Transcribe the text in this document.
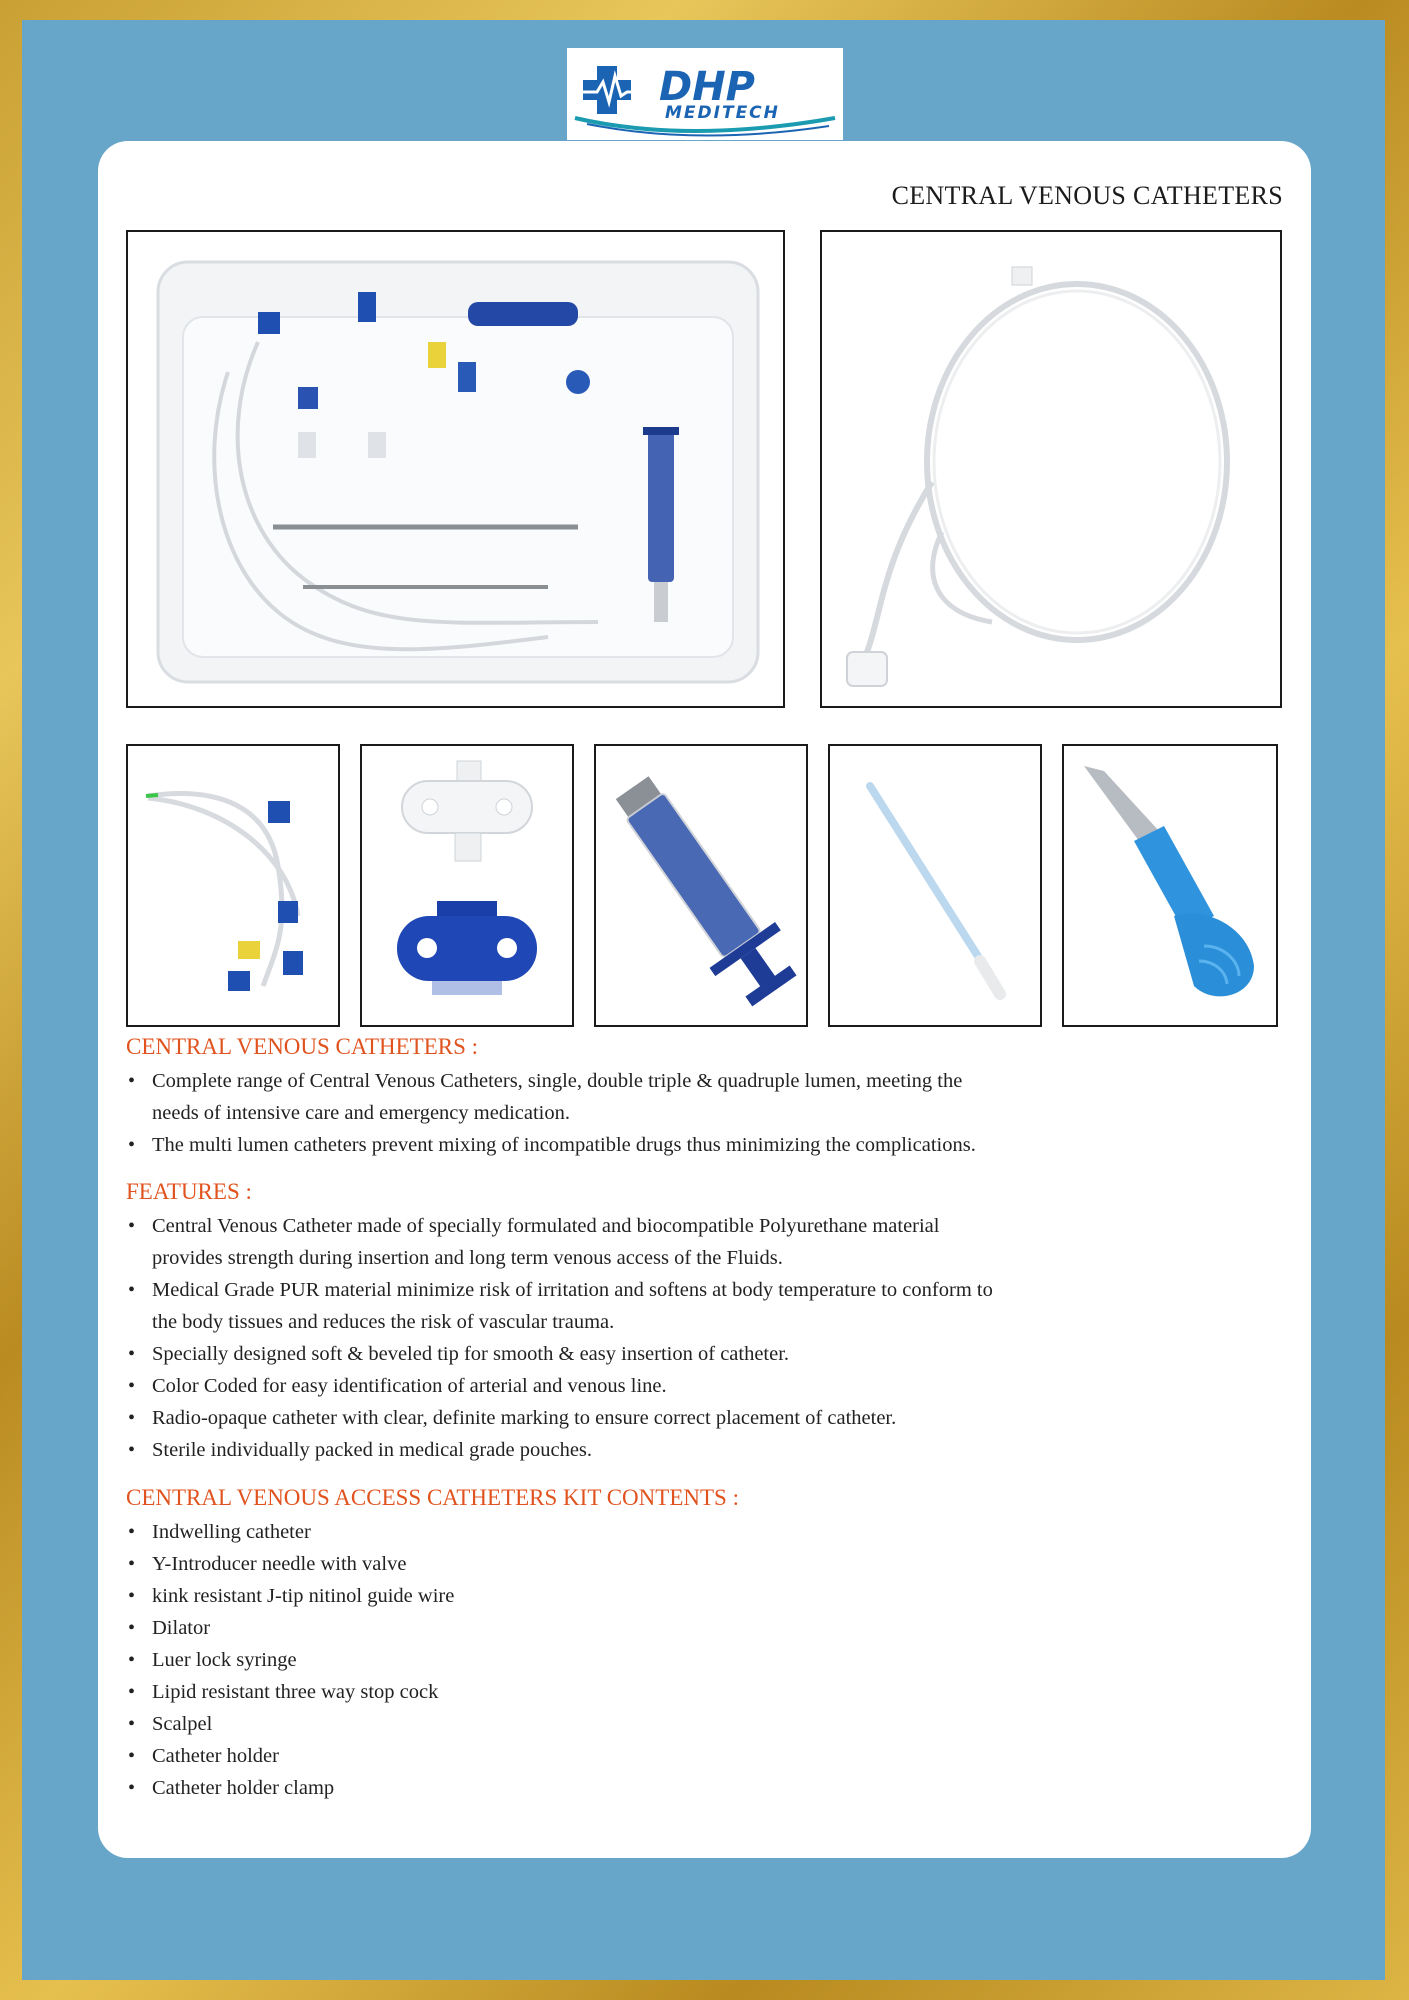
DHP
MEDITECH
CENTRAL VENOUS CATHETERS
CENTRAL VENOUS CATHETERS :
• Complete range of Central Venous Catheters, single, double triple & quadruple lumen, meeting the
needs of intensive care and emergency medication.
• The multi lumen catheters prevent mixing of incompatible drugs thus minimizing the complications.
FEATURES :
• Central Venous Catheter made of specially formulated and biocompatible Polyurethane material
provides strength during insertion and long term venous access of the Fluids.
• Medical Grade PUR material minimize risk of irritation and softens at body temperature to conform to
the body tissues and reduces the risk of vascular trauma.
• Specially designed soft & beveled tip for smooth & easy insertion of catheter.
• Color Coded for easy identification of arterial and venous line.
• Radio-opaque catheter with clear, definite marking to ensure correct placement of catheter.
• Sterile individually packed in medical grade pouches.
CENTRAL VENOUS ACCESS CATHETERS KIT CONTENTS :
• Indwelling catheter
• Y-Introducer needle with valve
• kink resistant J-tip nitinol guide wire
• Dilator
• Luer lock syringe
• Lipid resistant three way stop cock
• Scalpel
• Catheter holder
• Catheter holder clamp
